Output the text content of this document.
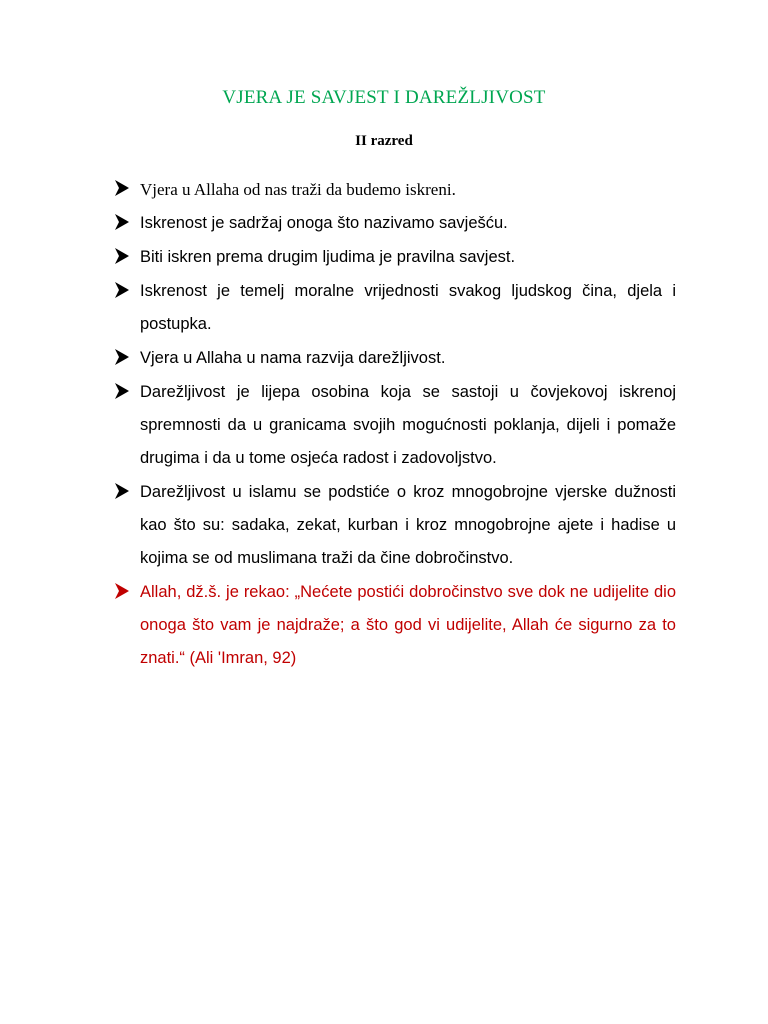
VJERA JE SAVJEST I DAREŽLJIVOST
II razred
Vjera u Allaha od nas traži da budemo iskreni.
Iskrenost je sadržaj onoga što nazivamo savješću.
Biti iskren prema drugim ljudima je pravilna savjest.
Iskrenost je temelj moralne vrijednosti svakog ljudskog čina, djela i postupka.
Vjera u Allaha u nama razvija darežljivost.
Darežljivost je lijepa osobina koja se sastoji u čovjekovoj iskrenoj spremnosti da u granicama svojih mogućnosti poklanja, dijeli i pomaže drugima i da u tome osjeća radost i zadovoljstvo.
Darežljivost u islamu se podstiće o kroz mnogobrojne vjerske dužnosti kao što su: sadaka, zekat, kurban i kroz mnogobrojne ajete i hadise u kojima se od muslimana traži da čine dobročinstvo.
Allah, dž.š. je rekao: „Nećete postići dobročinstvo sve dok ne udijelite dio onoga što vam je najdraže; a što god vi udijelite, Allah će sigurno za to znati.“ (Ali 'Imran, 92)
